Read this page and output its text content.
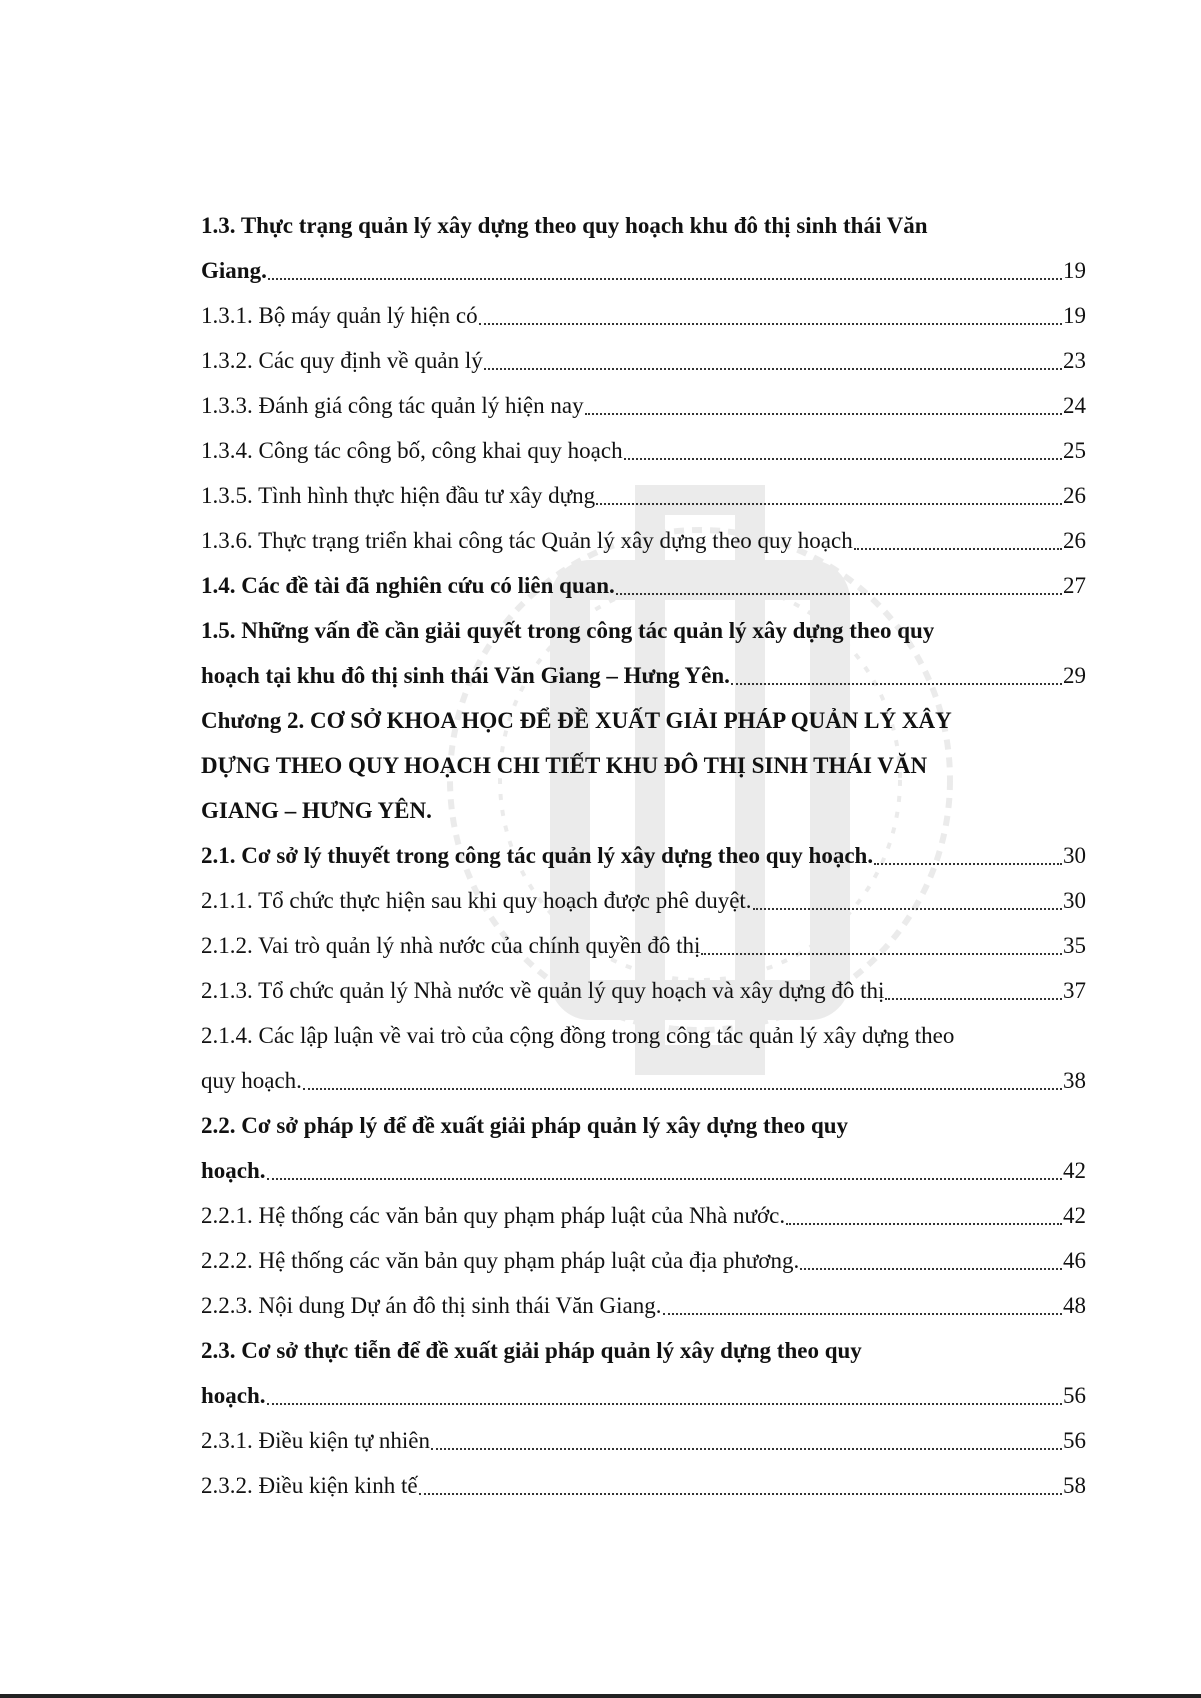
1.3. Thực trạng quản lý xây dựng theo quy hoạch khu đô thị sinh thái Văn
Giang.	19
1.3.1. Bộ máy quản lý hiện có	19
1.3.2. Các quy định về quản lý	23
1.3.3. Đánh giá công tác quản lý hiện nay	24
1.3.4. Công tác công bố, công khai quy hoạch	25
1.3.5. Tình hình thực hiện đầu tư xây dựng	26
1.3.6. Thực trạng triển khai công tác Quản lý xây dựng theo quy hoạch	26
1.4. Các đề tài đã nghiên cứu có liên quan.	27
1.5. Những vấn đề cần giải quyết trong công tác quản lý xây dựng theo quy
hoạch tại khu đô thị sinh thái Văn Giang – Hưng Yên.	29
Chương 2. CƠ SỞ KHOA HỌC ĐỂ ĐỀ XUẤT GIẢI PHÁP QUẢN LÝ XÂY
DỰNG THEO QUY HOẠCH CHI TIẾT KHU ĐÔ THỊ SINH THÁI VĂN
GIANG – HƯNG YÊN.
2.1. Cơ sở lý thuyết trong công tác quản lý xây dựng theo quy hoạch.	30
2.1.1. Tổ chức thực hiện sau khi quy hoạch được phê duyệt.	30
2.1.2. Vai trò quản lý nhà nước của chính quyền đô thị	35
2.1.3. Tổ chức quản lý Nhà nước về quản lý quy hoạch và xây dựng đô thị	37
2.1.4. Các lập luận về vai trò của cộng đồng trong công tác quản lý xây dựng theo
quy hoạch.	38
2.2. Cơ sở pháp lý để đề xuất giải pháp quản lý xây dựng theo quy
hoạch.	42
2.2.1. Hệ thống các văn bản quy phạm pháp luật của Nhà nước.	42
2.2.2. Hệ thống các văn bản quy phạm pháp luật của địa phương.	46
2.2.3. Nội dung Dự án đô thị sinh thái Văn Giang.	48
2.3. Cơ sở thực tiễn để đề xuất giải pháp quản lý xây dựng theo quy
hoạch.	56
2.3.1. Điều kiện tự nhiên	56
2.3.2. Điều kiện kinh tế	58
